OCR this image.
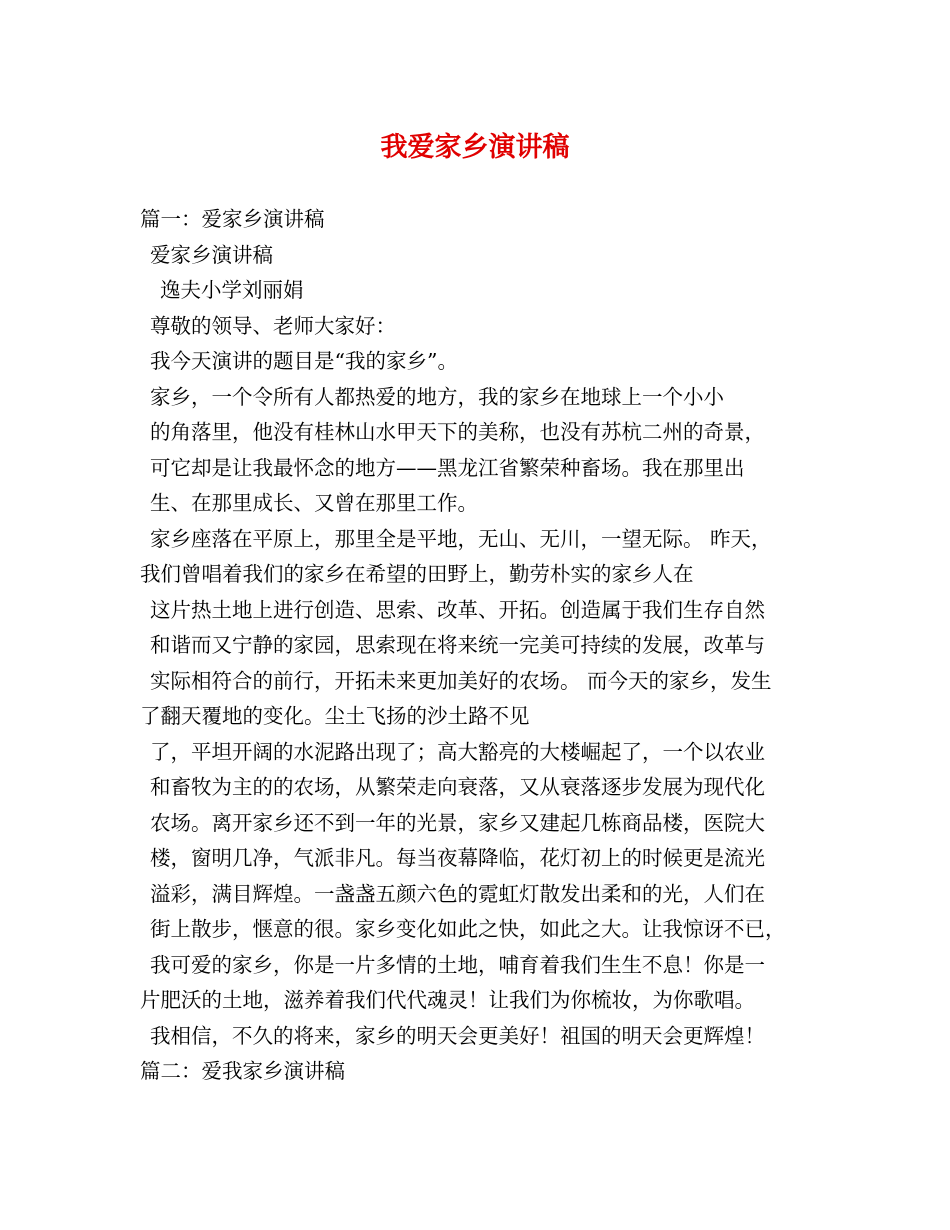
我爱家乡演讲稿
篇一：爱家乡演讲稿
爱家乡演讲稿
逸夫小学刘丽娟
尊敬的领导、老师大家好：
我今天演讲的题目是“我的家乡”。
家乡，一个令所有人都热爱的地方，我的家乡在地球上一个小小
的角落里，他没有桂林山水甲天下的美称，也没有苏杭二州的奇景，
可它却是让我最怀念的地方——黑龙江省繁荣种畜场。我在那里出
生、在那里成长、又曾在那里工作。
家乡座落在平原上，那里全是平地，无山、无川，一望无际。 昨天，
我们曾唱着我们的家乡在希望的田野上，勤劳朴实的家乡人在
这片热土地上进行创造、思索、改革、开拓。创造属于我们生存自然
和谐而又宁静的家园，思索现在将来统一完美可持续的发展，改革与
实际相符合的前行，开拓未来更加美好的农场。 而今天的家乡，发生
了翻天覆地的变化。尘土飞扬的沙土路不见
了，平坦开阔的水泥路出现了；高大豁亮的大楼崛起了，一个以农业
和畜牧为主的的农场，从繁荣走向衰落，又从衰落逐步发展为现代化
农场。离开家乡还不到一年的光景，家乡又建起几栋商品楼，医院大
楼，窗明几净，气派非凡。每当夜幕降临，花灯初上的时候更是流光
溢彩，满目辉煌。一盏盏五颜六色的霓虹灯散发出柔和的光，人们在
街上散步，惬意的很。家乡变化如此之快，如此之大。让我惊讶不已，
我可爱的家乡，你是一片多情的土地，哺育着我们生生不息！你是一
片肥沃的土地，滋养着我们代代魂灵！让我们为你梳妆，为你歌唱。
我相信，不久的将来，家乡的明天会更美好！祖国的明天会更辉煌！
篇二：爱我家乡演讲稿
